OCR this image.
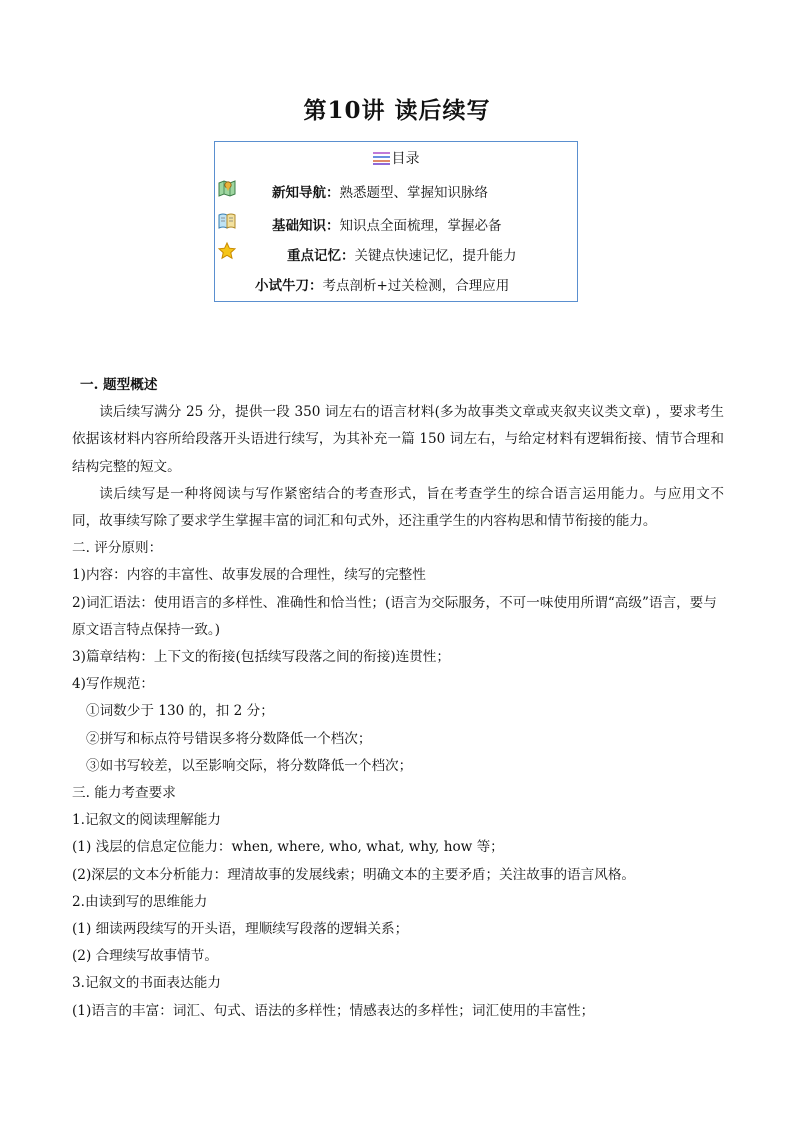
第10讲 读后续写
目录
新知导航：熟悉题型、掌握知识脉络
基础知识：知识点全面梳理，掌握必备
重点记忆：关键点快速记忆，提升能力
小试牛刀：考点剖析+过关检测，合理应用

一. 题型概述

读后续写满分 25 分，提供一段 350 词左右的语言材料(多为故事类文章或夹叙夹议类文章) ，要求考生依据该材料内容所给段落开头语进行续写，为其补充一篇 150 词左右，与给定材料有逻辑衔接、情节合理和结构完整的短文。

读后续写是一种将阅读与写作紧密结合的考查形式，旨在考查学生的综合语言运用能力。与应用文不同，故事续写除了要求学生掌握丰富的词汇和句式外，还注重学生的内容构思和情节衔接的能力。

二. 评分原则：

1)内容：内容的丰富性、故事发展的合理性，续写的完整性

2)词汇语法：使用语言的多样性、准确性和恰当性；(语言为交际服务，不可一味使用所谓“高级”语言，要与原文语言特点保持一致。)

3)篇章结构：上下文的衔接(包括续写段落之间的衔接)连贯性；

4)写作规范：

①词数少于 130 的，扣 2 分；

②拼写和标点符号错误多将分数降低一个档次；

③如书写较差，以至影响交际，将分数降低一个档次；

三. 能力考查要求

1.记叙文的阅读理解能力

(1) 浅层的信息定位能力：when, where, who, what, why, how 等；

(2)深层的文本分析能力：理清故事的发展线索；明确文本的主要矛盾；关注故事的语言风格。

2.由读到写的思维能力

(1) 细读两段续写的开头语，理顺续写段落的逻辑关系；

(2) 合理续写故事情节。

3.记叙文的书面表达能力

(1)语言的丰富：词汇、句式、语法的多样性；情感表达的多样性；词汇使用的丰富性；
